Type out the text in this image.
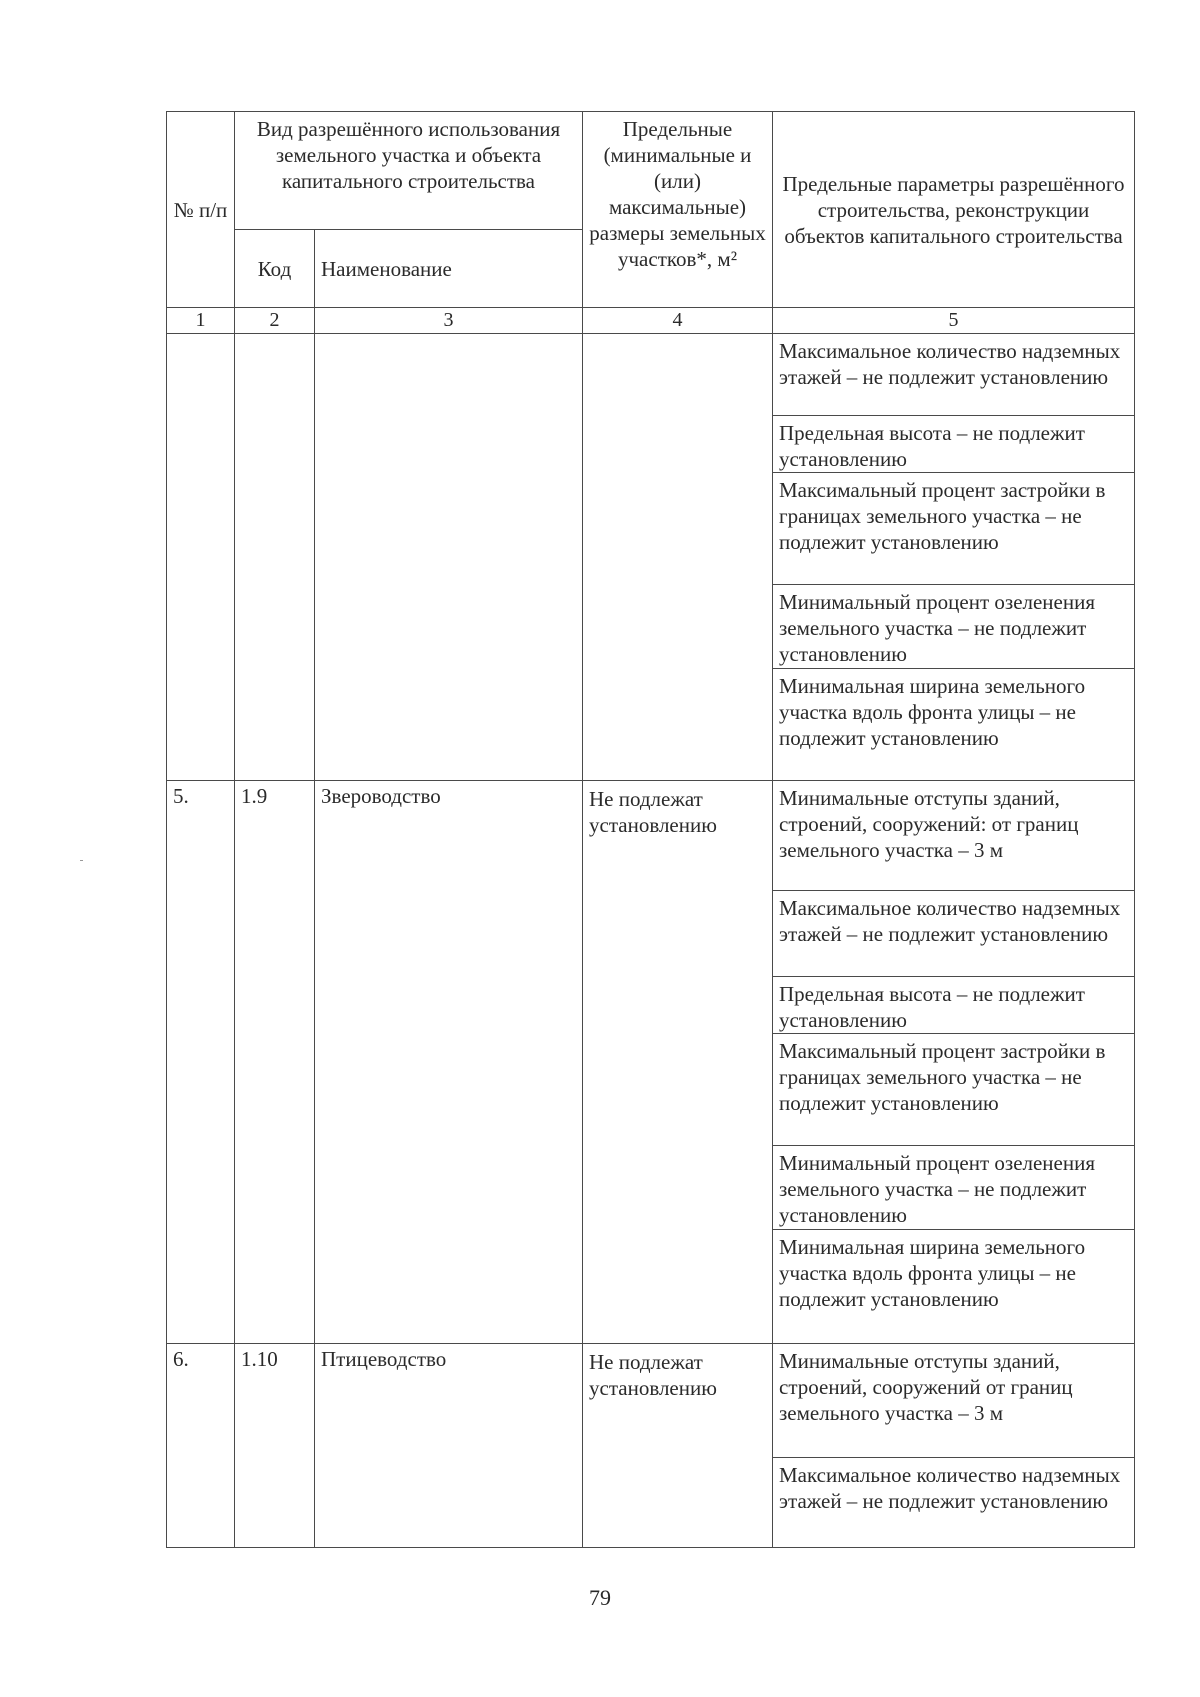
№ п/п	Вид разрешённого использования земельного участка и объекта капитального строительства		Предельные (минимальные и (или) максимальные) размеры земельных участков*, м²	Предельные параметры разрешённого строительства, реконструкции объектов капитального строительства
	Код	Наименование		
1	2	3	4	5
				Максимальное количество надземных этажей – не подлежит установлению
				Предельная высота – не подлежит установлению
				Максимальный процент застройки в границах земельного участка – не подлежит установлению
				Минимальный процент озеленения земельного участка – не подлежит установлению
				Минимальная ширина земельного участка вдоль фронта улицы – не подлежит установлению
5.	1.9	Звероводство	Не подлежат установлению	Минимальные отступы зданий, строений, сооружений: от границ земельного участка – 3 м
				Максимальное количество надземных этажей – не подлежит установлению
				Предельная высота – не подлежит установлению
				Максимальный процент застройки в границах земельного участка – не подлежит установлению
				Минимальный процент озеленения земельного участка – не подлежит установлению
				Минимальная ширина земельного участка вдоль фронта улицы – не подлежит установлению
6.	1.10	Птицеводство	Не подлежат установлению	Минимальные отступы зданий, строений, сооружений от границ земельного участка – 3 м
				Максимальное количество надземных этажей – не подлежит установлению
79
